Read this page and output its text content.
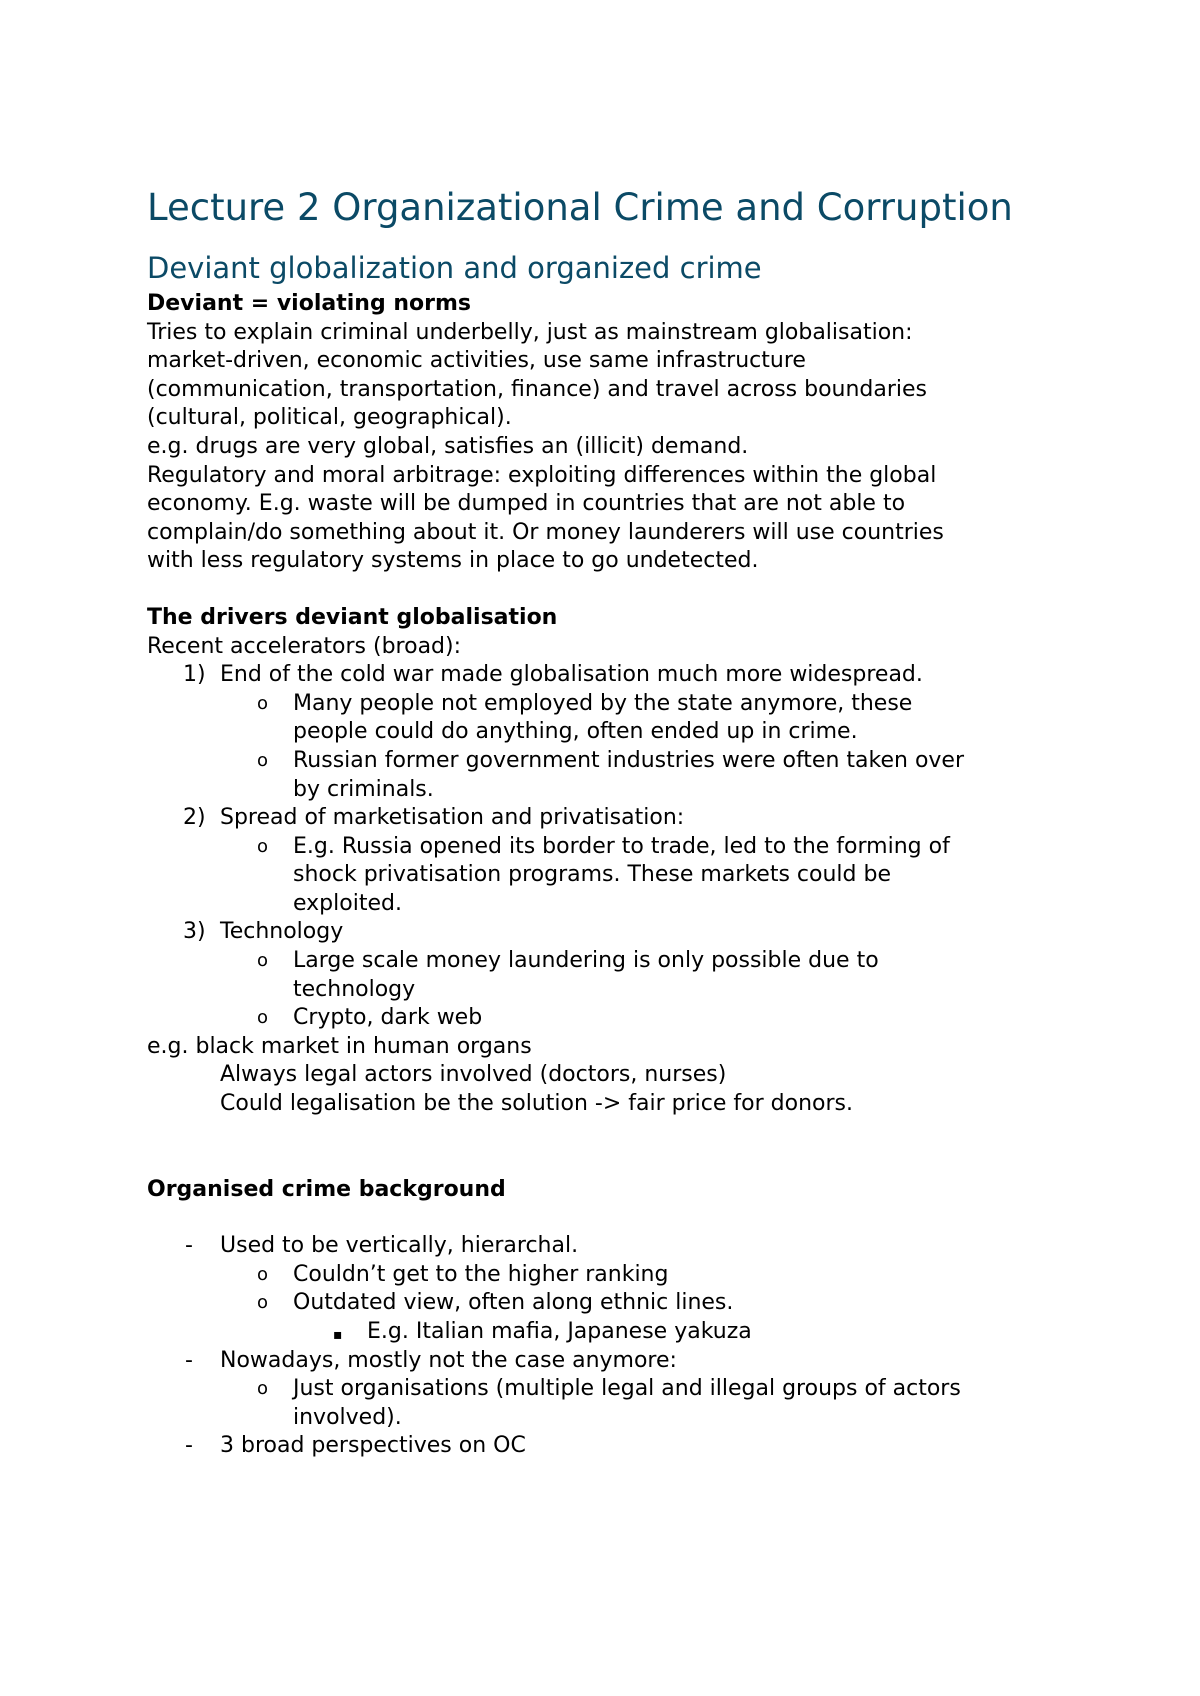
Lecture 2 Organizational Crime and Corruption
Deviant globalization and organized crime
Deviant = violating norms
Tries to explain criminal underbelly, just as mainstream globalisation:
market-driven, economic activities, use same infrastructure
(communication, transportation, finance) and travel across boundaries
(cultural, political, geographical).
e.g. drugs are very global, satisfies an (illicit) demand.
Regulatory and moral arbitrage: exploiting differences within the global
economy. E.g. waste will be dumped in countries that are not able to
complain/do something about it. Or money launderers will use countries
with less regulatory systems in place to go undetected.
The drivers deviant globalisation
Recent accelerators (broad):
1) End of the cold war made globalisation much more widespread.
o Many people not employed by the state anymore, these
people could do anything, often ended up in crime.
o Russian former government industries were often taken over
by criminals.
2) Spread of marketisation and privatisation:
o E.g. Russia opened its border to trade, led to the forming of
shock privatisation programs. These markets could be
exploited.
3) Technology
o Large scale money laundering is only possible due to
technology
o Crypto, dark web
e.g. black market in human organs
Always legal actors involved (doctors, nurses)
Could legalisation be the solution -> fair price for donors.
Organised crime background
- Used to be vertically, hierarchal.
o Couldn’t get to the higher ranking
o Outdated view, often along ethnic lines.
▪ E.g. Italian mafia, Japanese yakuza
- Nowadays, mostly not the case anymore:
o Just organisations (multiple legal and illegal groups of actors
involved).
- 3 broad perspectives on OC
